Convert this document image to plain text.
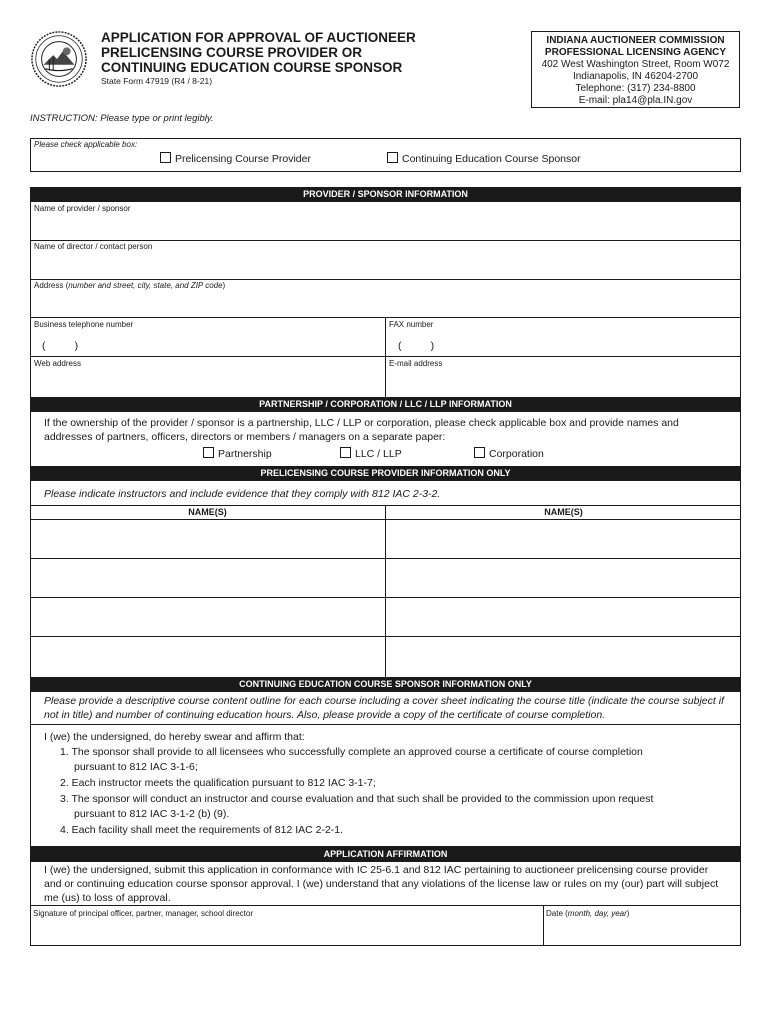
APPLICATION FOR APPROVAL OF AUCTIONEER
PRELICENSING COURSE PROVIDER OR
CONTINUING EDUCATION COURSE SPONSOR
State Form 47919 (R4 / 8-21)
INDIANA AUCTIONEER COMMISSION
PROFESSIONAL LICENSING AGENCY
402 West Washington Street, Room W072
Indianapolis, IN 46204-2700
Telephone: (317) 234-8800
E-mail: pla14@pla.IN.gov
INSTRUCTION: Please type or print legibly.
Please check applicable box:
Prelicensing Course Provider	Continuing Education Course Sponsor
PROVIDER / SPONSOR INFORMATION
Name of provider / sponsor
Name of director / contact person
Address (number and street, city, state, and ZIP code)
Business telephone number
(          )
FAX number
(          )
Web address	E-mail address
PARTNERSHIP / CORPORATION / LLC / LLP INFORMATION
If the ownership of the provider / sponsor is a partnership, LLC / LLP or corporation, please check applicable box and provide names and addresses of partners, officers, directors or members / managers on a separate paper:
Partnership	LLC / LLP	Corporation
PRELICENSING COURSE PROVIDER INFORMATION ONLY
Please indicate instructors and include evidence that they comply with 812 IAC 2-3-2.
NAME(S)	NAME(S)
CONTINUING EDUCATION COURSE SPONSOR INFORMATION ONLY
Please provide a descriptive course content outline for each course including a cover sheet indicating the course title (indicate the course subject if not in title) and number of continuing education hours. Also, please provide a copy of the certificate of course completion.
I (we) the undersigned, do hereby swear and affirm that:
1. The sponsor shall provide to all licensees who successfully complete an approved course a certificate of course completion
pursuant to 812 IAC 3-1-6;
2. Each instructor meets the qualification pursuant to 812 IAC 3-1-7;
3. The sponsor will conduct an instructor and course evaluation and that such shall be provided to the commission upon request
pursuant to 812 IAC 3-1-2 (b) (9).
4. Each facility shall meet the requirements of 812 IAC 2-2-1.
APPLICATION AFFIRMATION
I (we) the undersigned, submit this application in conformance with IC 25-6.1 and 812 IAC pertaining to auctioneer prelicensing course provider and or continuing education course sponsor approval. I (we) understand that any violations of the license law or rules on my (our) part will subject me (us) to loss of approval.
Signature of principal officer, partner, manager, school director	Date (month, day, year)
